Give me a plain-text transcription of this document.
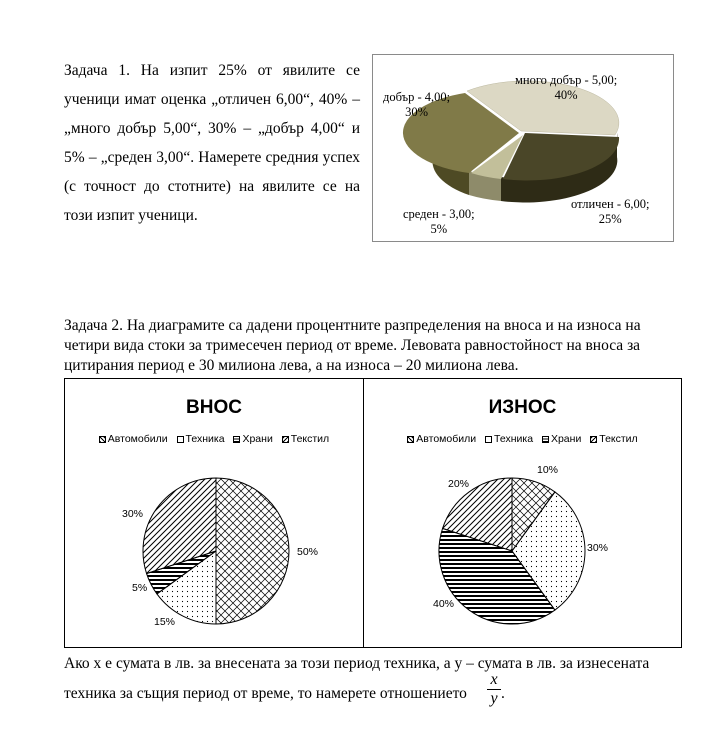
Задача 1. На изпит 25% от явилите се ученици имат оценка „отличен 6,00“, 40% – „много добър 5,00“, 30% – „добър 4,00“ и 5% – „среден 3,00“. Намерете средния успех (с точност до стотните) на явилите се на този изпит ученици.
много добър - 5,00;
40%
добър - 4,00;
30%
отличен - 6,00;
25%
среден - 3,00;
5%
Задача 2. На диаграмите са дадени процентните разпределения на вноса и на износа на четири вида стоки за тримесечен период от време. Левовата равностойност на вноса за цитирания период е 30 милиона лева, а на износа – 20 милиона лева.
ВНОС
Автомобили Техника Храни Текстил
50%
15%
5%
30%
ИЗНОС
Автомобили Техника Храни Текстил
10%
30%
40%
20%
Ако x е сумата в лв. за внесената за този период техника, а y – сумата в лв. за изнесената
техника за същия период от време, то намерете отношението $\frac{x}{y}$ .
